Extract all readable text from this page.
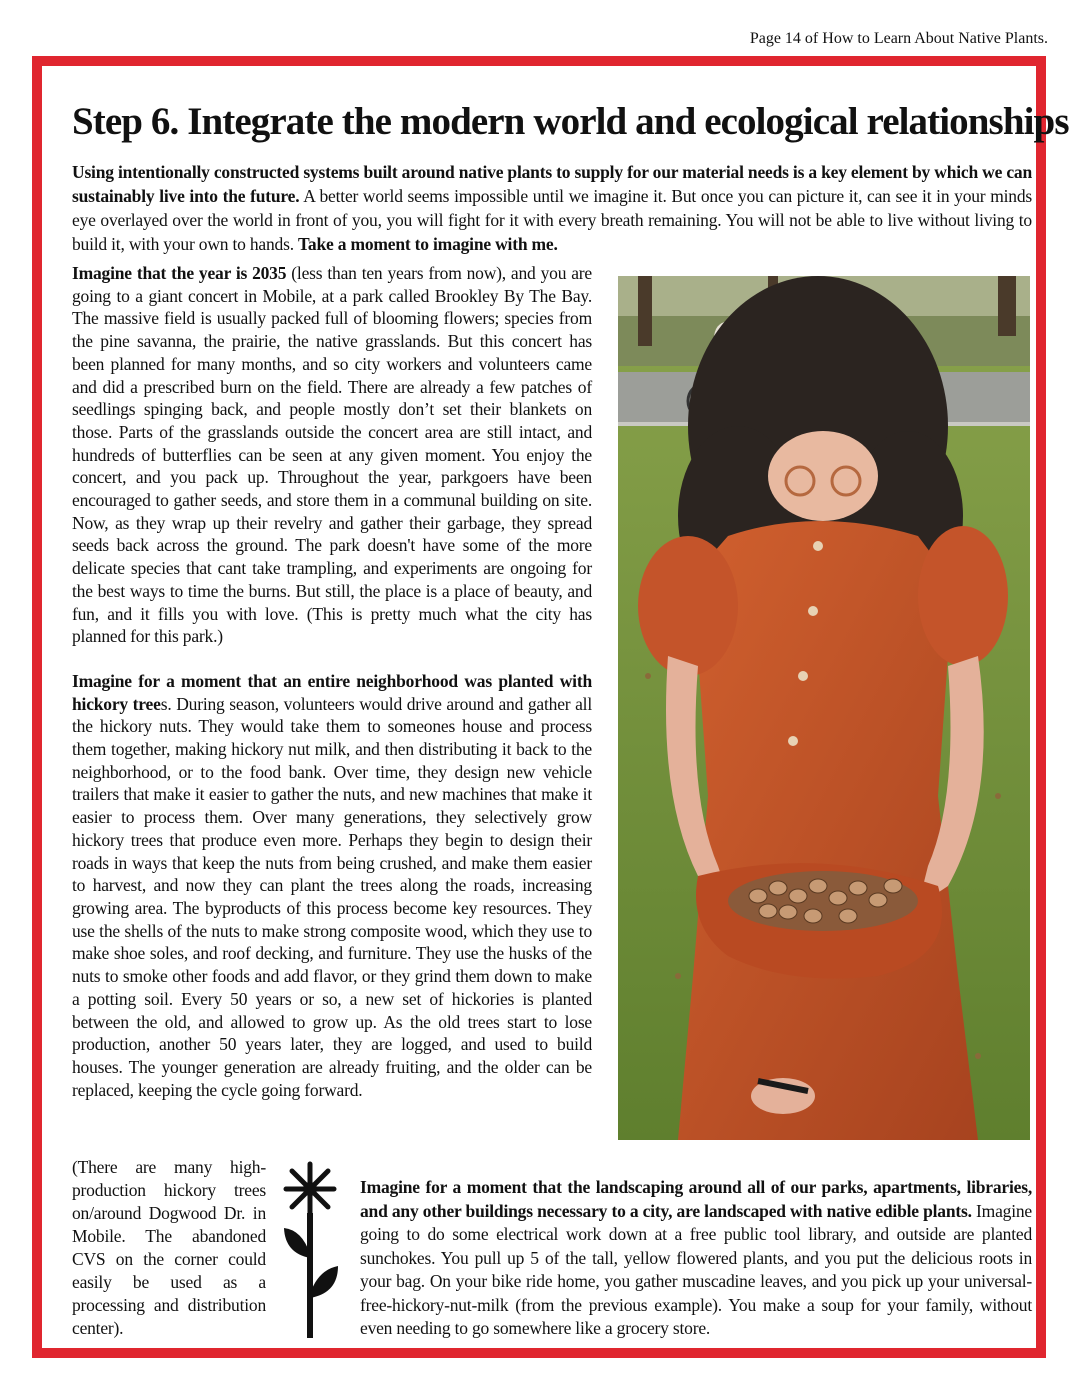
Page 14 of How to Learn About Native Plants.
Step 6. Integrate the modern world and ecological relationships

Using intentionally constructed systems built around native plants to supply for our material needs is a key element by which we can sustainably live into the future. A better world seems impossible until we imagine it. But once you can picture it, can see it in your minds eye overlayed over the world in front of you, you will fight for it with every breath remaining. You will not be able to live without living to build it, with your own to hands. Take a moment to imagine with me.

Imagine that the year is 2035 (less than ten years from now), and you are going to a giant concert in Mobile, at a park called Brookley By The Bay. The massive field is usually packed full of blooming flowers; species from the pine savanna, the prairie, the native grasslands. But this concert has been planned for many months, and so city workers and volunteers came and did a prescribed burn on the field. There are already a few patches of seedlings spinging back, and people mostly don’t set their blankets on those. Parts of the grasslands outside the concert area are still intact, and hundreds of butterflies can be seen at any given moment. You enjoy the concert, and you pack up. Throughout the year, parkgoers have been encouraged to gather seeds, and store them in a communal building on site. Now, as they wrap up their revelry and gather their garbage, they spread seeds back across the ground. The park doesn't have some of the more delicate species that cant take trampling, and experiments are ongoing for the best ways to time the burns. But still, the place is a place of beauty, and fun, and it fills you with love. (This is pretty much what the city has planned for this park.)

Imagine for a moment that an entire neighborhood was planted with hickory trees. During season, volunteers would drive around and gather all the hickory nuts. They would take them to someones house and process them together, making hickory nut milk, and then distributing it back to the neighborhood, or to the food bank. Over time, they design new vehicle trailers that make it easier to gather the nuts, and new machines that make it easier to process them. Over many generations, they selectively grow hickory trees that produce even more. Perhaps they begin to design their roads in ways that keep the nuts from being crushed, and make them easier to harvest, and now they can plant the trees along the roads, increasing growing area. The byproducts of this process become key resources. They use the shells of the nuts to make strong composite wood, which they use to make shoe soles, and roof decking, and furniture. They use the husks of the nuts to smoke other foods and add flavor, or they grind them down to make a potting soil. Every 50 years or so, a new set of hickories is planted between the old, and allowed to grow up. As the old trees start to lose production, another 50 years later, they are logged, and used to build houses. The younger generation are already fruiting, and the older can be replaced, keeping the cycle going forward.

(There are many high-production hickory trees on/around Dogwood Dr. in Mobile. The abandoned CVS on the corner could easily be used as a processing and distribution center).

Imagine for a moment that the landscaping around all of our parks, apartments, libraries, and any other buildings necessary to a city, are landscaped with native edible plants. Imagine going to do some electrical work down at a free public tool library, and outside are planted sunchokes. You pull up 5 of the tall, yellow flowered plants, and you put the delicious roots in your bag. On your bike ride home, you gather muscadine leaves, and you pick up your universal-free-hickory-nut-milk (from the previous example). You make a soup for your family, without even needing to go somewhere like a grocery store.
